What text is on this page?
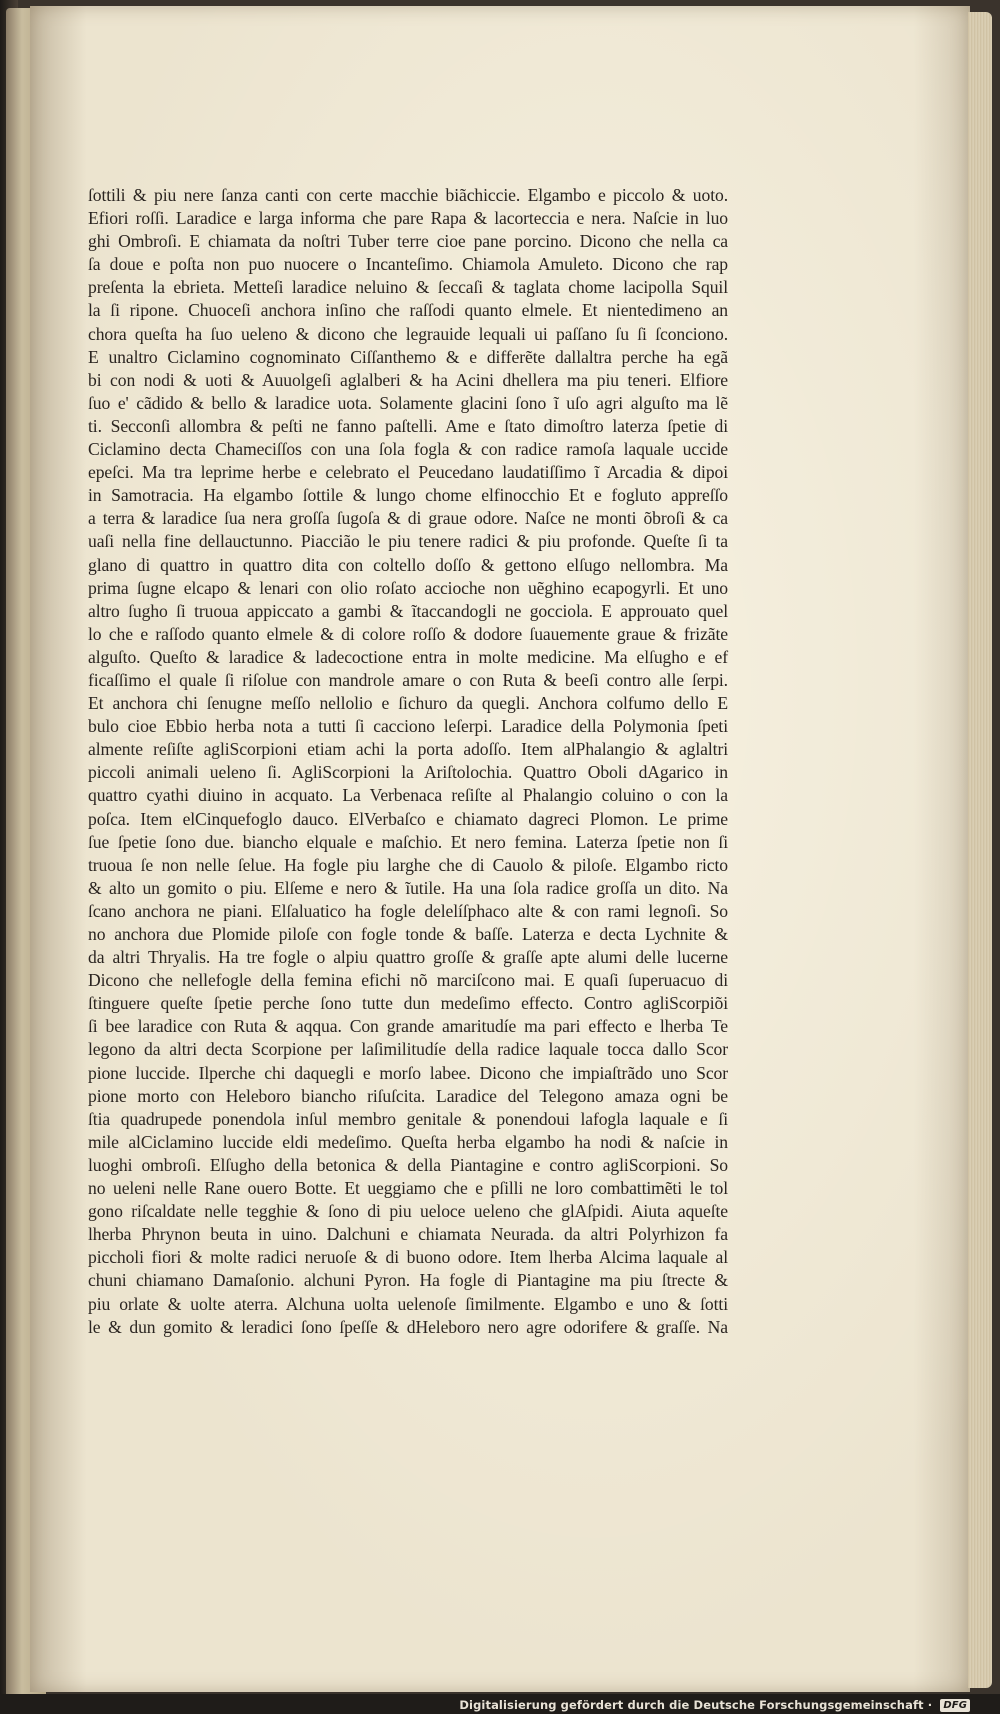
ſottili & piu nere ſanza canti con certe macchie biãchiccie. Elgambo e piccolo & uoto.
Efiori roſſi. Laradice e larga informa che pare Rapa & lacorteccia e nera. Naſcie in luo
ghi Ombroſi. E chiamata da noſtri Tuber terre cioe pane porcino. Dicono che nella ca
ſa doue e poſta non puo nuocere o Incanteſimo. Chiamola Amuleto. Dicono che rap
preſenta la ebrieta. Metteſi laradice neluino & ſeccaſi & taglata chome lacipolla Squil
la ſi ripone. Chuoceſi anchora inſino che raſſodi quanto elmele. Et nientedimeno an
chora queſta ha ſuo ueleno & dicono che legrauide lequali ui paſſano ſu ſi ſconciono.
E unaltro Ciclamino cognominato Ciſſanthemo & e differẽte dallaltra perche ha egã
bi con nodi & uoti & Auuolgeſi aglalberi & ha Acini dhellera ma piu teneri. Elfiore
ſuo e' cãdido & bello & laradice uota. Solamente glacini ſono ĩ uſo agri alguſto ma lẽ
ti. Secconſi allombra & peſti ne fanno paſtelli. Ame e ſtato dimoſtro laterza ſpetie di
Ciclamino decta Chameciſſos con una ſola fogla & con radice ramoſa laquale uccide
epeſci. Ma tra leprime herbe e celebrato el Peucedano laudatiſſimo ĩ Arcadia & dipoi
in Samotracia. Ha elgambo ſottile & lungo chome elfinocchio Et e fogluto appreſſo
a terra & laradice ſua nera groſſa ſugoſa & di graue odore. Naſce ne monti õbroſi & ca
uaſi nella fine dellauctunno. Piaccião le piu tenere radici & piu profonde. Queſte ſi ta
glano di quattro in quattro dita con coltello doſſo & gettono elſugo nellombra. Ma
prima ſugne elcapo & lenari con olio roſato accioche non uẽghino ecapogyrli. Et uno
altro ſugho ſi truoua appiccato a gambi & ĩtaccandogli ne gocciola. E approuato quel
lo che e raſſodo quanto elmele & di colore roſſo & dodore ſuauemente graue & frizãte
alguſto. Queſto & laradice & ladecoctione entra in molte medicine. Ma elſugho e ef
ficaſſimo el quale ſi riſolue con mandrole amare o con Ruta & beeſi contro alle ſerpi.
Et anchora chi ſenugne meſſo nellolio e ſichuro da quegli. Anchora colfumo dello E
bulo cioe Ebbio herba nota a tutti ſi cacciono leſerpi. Laradice della Polymonia ſpeti
almente reſiſte agliScorpioni etiam achi la porta adoſſo. Item alPhalangio & aglaltri
piccoli animali ueleno ſi. AgliScorpioni la Ariſtolochia. Quattro Oboli dAgarico in
quattro cyathi diuino in acquato. La Verbenaca reſiſte al Phalangio coluino o con la
poſca. Item elCinquefoglo dauco. ElVerbaſco e chiamato dagreci Plomon. Le prime
ſue ſpetie ſono due. biancho elquale e maſchio. Et nero femina. Laterza ſpetie non ſi
truoua ſe non nelle ſelue. Ha fogle piu larghe che di Cauolo & piloſe. Elgambo ricto
& alto un gomito o piu. Elſeme e nero & ĩutile. Ha una ſola radice groſſa un dito. Na
ſcano anchora ne piani. Elſaluatico ha fogle delelíſphaco alte & con rami legnoſi. So
no anchora due Plomide piloſe con fogle tonde & baſſe. Laterza e decta Lychnite &
da altri Thryalis. Ha tre fogle o alpiu quattro groſſe & graſſe apte alumi delle lucerne
Dicono che nellefogle della femina efichi nõ marciſcono mai. E quaſi ſuperuacuo di
ſtinguere queſte ſpetie perche ſono tutte dun medeſimo effecto. Contro agliScorpiõi
ſi bee laradice con Ruta & aqqua. Con grande amaritudíe ma pari effecto e lherba Te
legono da altri decta Scorpione per laſimilitudíe della radice laquale tocca dallo Scor
pione luccide. Ilperche chi daquegli e morſo labee. Dicono che impiaſtrãdo uno Scor
pione morto con Heleboro biancho riſuſcita. Laradice del Telegono amaza ogni be
ſtia quadrupede ponendola inſul membro genitale & ponendoui lafogla laquale e ſi
mile alCiclamino luccide eldi medeſimo. Queſta herba elgambo ha nodi & naſcie in
luoghi ombroſi. Elſugho della betonica & della Piantagine e contro agliScorpioni. So
no ueleni nelle Rane ouero Botte. Et ueggiamo che e pſilli ne loro combattimẽti le tol
gono riſcaldate nelle tegghie & ſono di piu ueloce ueleno che glAſpidi. Aiuta aqueſte
lherba Phrynon beuta in uino. Dalchuni e chiamata Neurada. da altri Polyrhizon fa
piccholi fiori & molte radici neruoſe & di buono odore. Item lherba Alcima laquale al
chuni chiamano Damaſonio. alchuni Pyron. Ha fogle di Piantagine ma piu ſtrecte &
piu orlate & uolte aterra. Alchuna uolta uelenoſe ſimilmente. Elgambo e uno & ſotti
le & dun gomito & leradici ſono ſpeſſe & dHeleboro nero agre odorifere & graſſe. Na
Digitalisierung gefördert durch die Deutsche Forschungsgemeinschaft · DFG
